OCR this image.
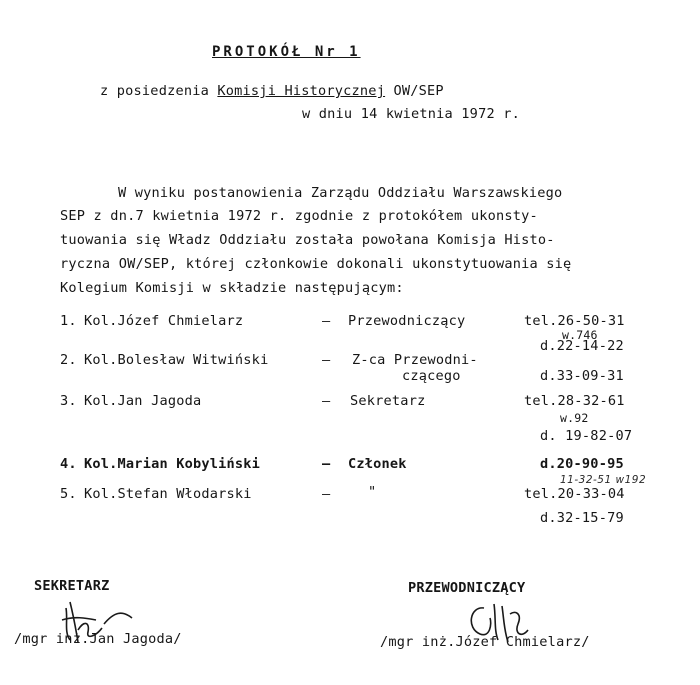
PROTOKÓŁ Nr 1
z posiedzenia Komisji Historycznej OW/SEP
w dniu 14 kwietnia 1972 r.
W wyniku postanowienia Zarządu Oddziału Warszawskiego
SEP z dn.7 kwietnia 1972 r. zgodnie z protokółem ukonsty-
tuowania się Władz Oddziału została powołana Komisja Histo-
ryczna OW/SEP, której członkowie dokonali ukonstytuowania się
Kolegium Komisji w składzie następującym:
1. Kol.Józef Chmielarz	– Przewodniczący	tel.26-50-31
w.746
d.22-14-22
2. Kol.Bolesław Witwiński	– Z-ca Przewodni-
czącego	d.33-09-31
3. Kol.Jan Jagoda	– Sekretarz	tel.28-32-61
w.92
d. 19-82-07
4. Kol.Marian Kobyliński	– Członek	d.20-90-95
11-32-51 w192
5. Kol.Stefan Włodarski	–	"	tel.20-33-04
d.32-15-79
SEKRETARZ
/mgr inż.Jan Jagoda/
PRZEWODNICZĄCY
/mgr inż.Józef Chmielarz/
